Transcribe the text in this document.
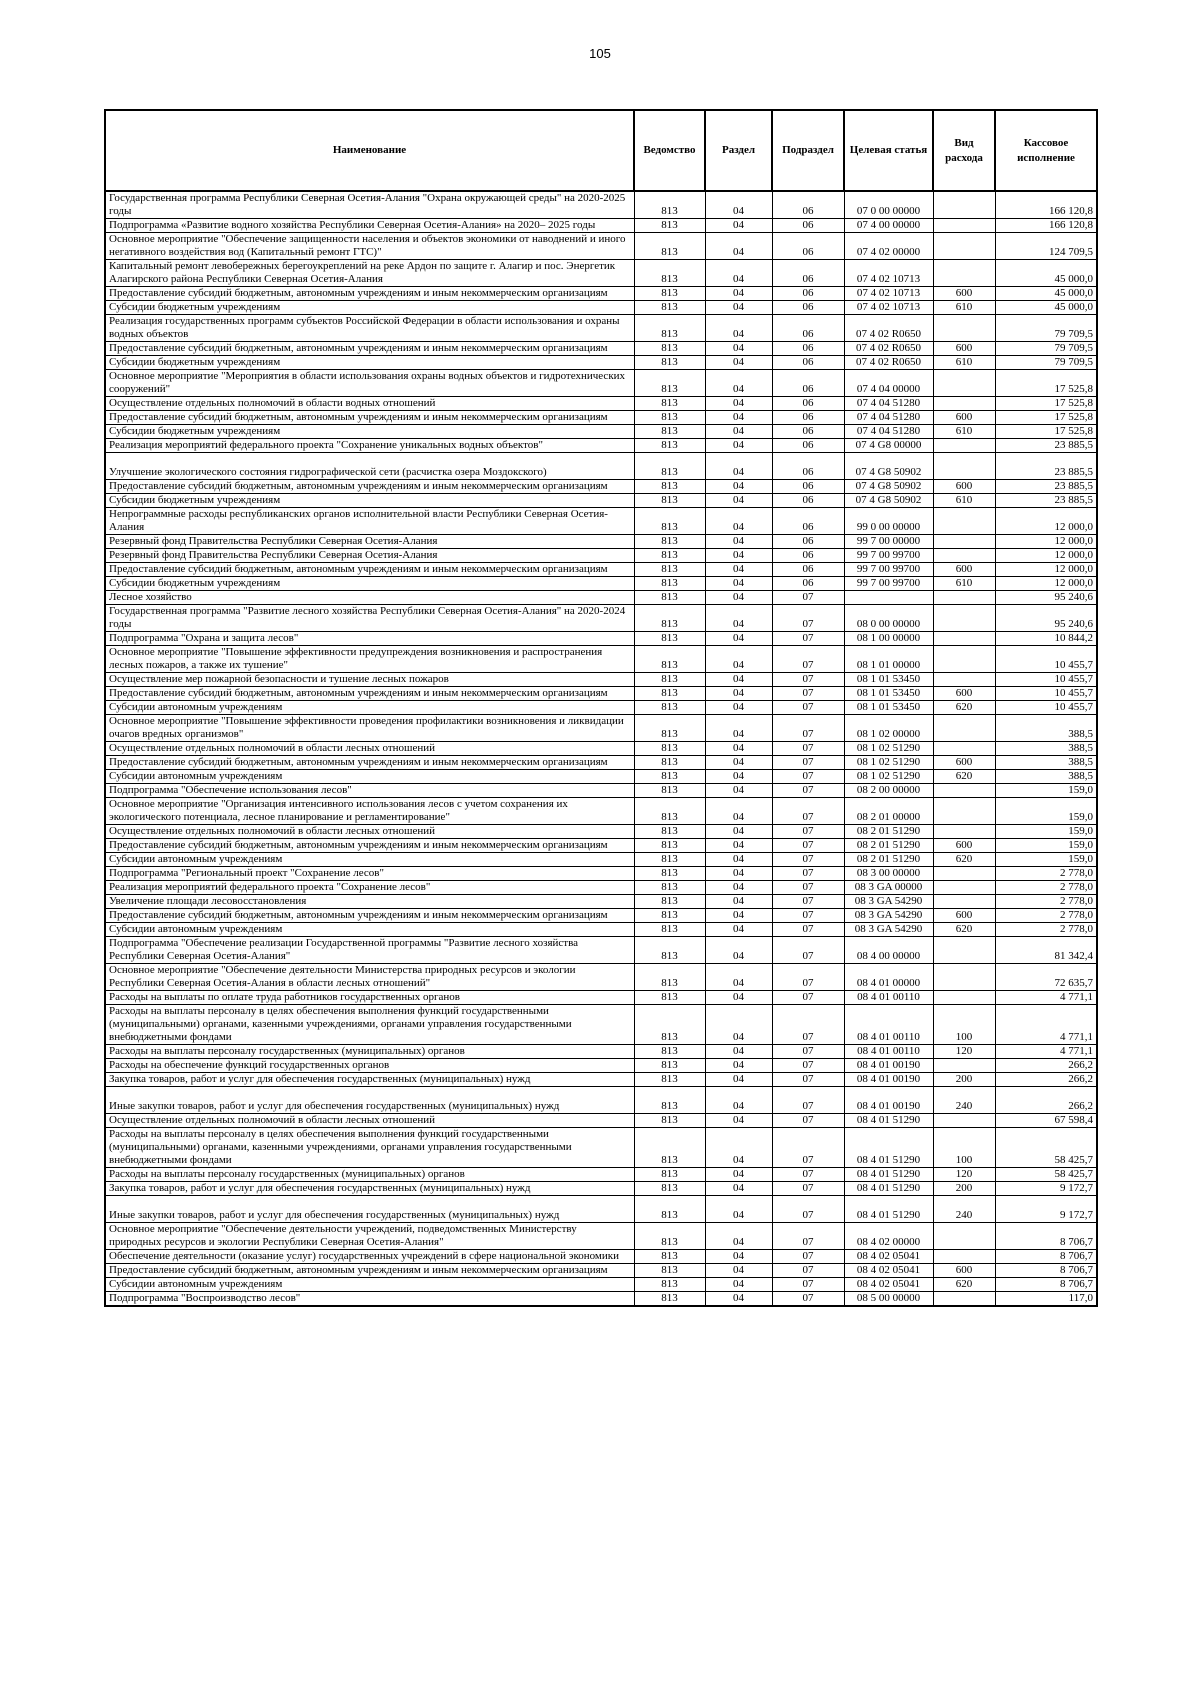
105
Наименование	Ведомство	Раздел	Подраздел	Целевая статья	Вид расхода	Кассовое исполнение
Государственная программа Республики Северная Осетия-Алания "Охрана окружающей среды" на 2020-2025 годы	813	04	06	07 0 00 00000		166 120,8
Подпрограмма «Развитие водного хозяйства Республики Северная Осетия-Алания» на 2020– 2025 годы	813	04	06	07 4 00 00000		166 120,8
Основное мероприятие "Обеспечение защищенности населения и объектов экономики от наводнений и иного негативного воздействия вод (Капитальный ремонт ГТС)"	813	04	06	07 4 02 00000		124 709,5
Капитальный ремонт левобережных берегоукреплений на реке Ардон по защите г. Алагир и пос. Энергетик Алагирского района Республики Северная Осетия-Алания	813	04	06	07 4 02 10713		45 000,0
Предоставление субсидий бюджетным, автономным учреждениям и иным некоммерческим организациям	813	04	06	07 4 02 10713	600	45 000,0
Субсидии бюджетным учреждениям	813	04	06	07 4 02 10713	610	45 000,0
Реализация государственных программ субъектов Российской Федерации в области использования и охраны водных объектов	813	04	06	07 4 02 R0650		79 709,5
Предоставление субсидий бюджетным, автономным учреждениям и иным некоммерческим организациям	813	04	06	07 4 02 R0650	600	79 709,5
Субсидии бюджетным учреждениям	813	04	06	07 4 02 R0650	610	79 709,5
Основное мероприятие "Мероприятия в области использования охраны водных объектов и гидротехнических сооружений"	813	04	06	07 4 04 00000		17 525,8
Осуществление отдельных полномочий в области водных отношений	813	04	06	07 4 04 51280		17 525,8
Предоставление субсидий бюджетным, автономным учреждениям и иным некоммерческим организациям	813	04	06	07 4 04 51280	600	17 525,8
Субсидии бюджетным учреждениям	813	04	06	07 4 04 51280	610	17 525,8
Реализация мероприятий федерального проекта "Сохранение уникальных водных объектов"	813	04	06	07 4 G8 00000		23 885,5
Улучшение экологического состояния гидрографической сети (расчистка озера Моздокского)	813	04	06	07 4 G8 50902		23 885,5
Предоставление субсидий бюджетным, автономным учреждениям и иным некоммерческим организациям	813	04	06	07 4 G8 50902	600	23 885,5
Субсидии бюджетным учреждениям	813	04	06	07 4 G8 50902	610	23 885,5
Непрограммные расходы республиканских органов исполнительной власти Республики Северная Осетия-Алания	813	04	06	99 0 00 00000		12 000,0
Резервный фонд Правительства Республики Северная Осетия-Алания	813	04	06	99 7 00 00000		12 000,0
Резервный фонд Правительства Республики Северная Осетия-Алания	813	04	06	99 7 00 99700		12 000,0
Предоставление субсидий бюджетным, автономным учреждениям и иным некоммерческим организациям	813	04	06	99 7 00 99700	600	12 000,0
Субсидии бюджетным учреждениям	813	04	06	99 7 00 99700	610	12 000,0
Лесное хозяйство	813	04	07			95 240,6
Государственная программа "Развитие лесного хозяйства Республики Северная Осетия-Алания" на 2020-2024 годы	813	04	07	08 0 00 00000		95 240,6
Подпрограмма "Охрана и защита лесов"	813	04	07	08 1 00 00000		10 844,2
Основное мероприятие "Повышение эффективности предупреждения возникновения и распространения лесных пожаров, а также их тушение"	813	04	07	08 1 01 00000		10 455,7
Осуществление мер пожарной безопасности и тушение лесных пожаров	813	04	07	08 1 01 53450		10 455,7
Предоставление субсидий бюджетным, автономным учреждениям и иным некоммерческим организациям	813	04	07	08 1 01 53450	600	10 455,7
Субсидии автономным учреждениям	813	04	07	08 1 01 53450	620	10 455,7
Основное мероприятие "Повышение эффективности проведения профилактики возникновения и ликвидации очагов вредных организмов"	813	04	07	08 1 02 00000		388,5
Осуществление отдельных полномочий в области лесных отношений	813	04	07	08 1 02 51290		388,5
Предоставление субсидий бюджетным, автономным учреждениям и иным некоммерческим организациям	813	04	07	08 1 02 51290	600	388,5
Субсидии автономным учреждениям	813	04	07	08 1 02 51290	620	388,5
Подпрограмма "Обеспечение использования лесов"	813	04	07	08 2 00 00000		159,0
Основное мероприятие "Организация интенсивного использования лесов с учетом сохранения их экологического потенциала, лесное планирование и регламентирование"	813	04	07	08 2 01 00000		159,0
Осуществление отдельных полномочий в области лесных отношений	813	04	07	08 2 01 51290		159,0
Предоставление субсидий бюджетным, автономным учреждениям и иным некоммерческим организациям	813	04	07	08 2 01 51290	600	159,0
Субсидии автономным учреждениям	813	04	07	08 2 01 51290	620	159,0
Подпрограмма "Региональный проект "Сохранение лесов"	813	04	07	08 3 00 00000		2 778,0
Реализация мероприятий федерального проекта "Сохранение лесов"	813	04	07	08 3 GA 00000		2 778,0
Увеличение площади лесовосстановления	813	04	07	08 3 GA 54290		2 778,0
Предоставление субсидий бюджетным, автономным учреждениям и иным некоммерческим организациям	813	04	07	08 3 GA 54290	600	2 778,0
Субсидии автономным учреждениям	813	04	07	08 3 GA 54290	620	2 778,0
Подпрограмма "Обеспечение реализации Государственной программы "Развитие лесного хозяйства Республики Северная Осетия-Алания"	813	04	07	08 4 00 00000		81 342,4
Основное мероприятие "Обеспечение деятельности Министерства природных ресурсов и экологии Республики Северная Осетия-Алания в области лесных отношений"	813	04	07	08 4 01 00000		72 635,7
Расходы на выплаты по оплате труда работников государственных органов	813	04	07	08 4 01 00110		4 771,1
Расходы на выплаты персоналу в целях обеспечения выполнения функций государственными (муниципальными) органами, казенными учреждениями, органами управления государственными внебюджетными фондами	813	04	07	08 4 01 00110	100	4 771,1
Расходы на выплаты персоналу государственных (муниципальных) органов	813	04	07	08 4 01 00110	120	4 771,1
Расходы на обеспечение функций государственных органов	813	04	07	08 4 01 00190		266,2
Закупка товаров, работ и услуг для обеспечения государственных (муниципальных) нужд	813	04	07	08 4 01 00190	200	266,2
Иные закупки товаров, работ и услуг для обеспечения государственных (муниципальных) нужд	813	04	07	08 4 01 00190	240	266,2
Осуществление отдельных полномочий в области лесных отношений	813	04	07	08 4 01 51290		67 598,4
Расходы на выплаты персоналу в целях обеспечения выполнения функций государственными (муниципальными) органами, казенными учреждениями, органами управления государственными внебюджетными фондами	813	04	07	08 4 01 51290	100	58 425,7
Расходы на выплаты персоналу государственных (муниципальных) органов	813	04	07	08 4 01 51290	120	58 425,7
Закупка товаров, работ и услуг для обеспечения государственных (муниципальных) нужд	813	04	07	08 4 01 51290	200	9 172,7
Иные закупки товаров, работ и услуг для обеспечения государственных (муниципальных) нужд	813	04	07	08 4 01 51290	240	9 172,7
Основное мероприятие "Обеспечение деятельности учреждений, подведомственных Министерству природных ресурсов и экологии Республики Северная Осетия-Алания"	813	04	07	08 4 02 00000		8 706,7
Обеспечение деятельности (оказание услуг) государственных учреждений в сфере национальной экономики	813	04	07	08 4 02 05041		8 706,7
Предоставление субсидий бюджетным, автономным учреждениям и иным некоммерческим организациям	813	04	07	08 4 02 05041	600	8 706,7
Субсидии автономным учреждениям	813	04	07	08 4 02 05041	620	8 706,7
Подпрограмма "Воспроизводство лесов"	813	04	07	08 5 00 00000		117,0
